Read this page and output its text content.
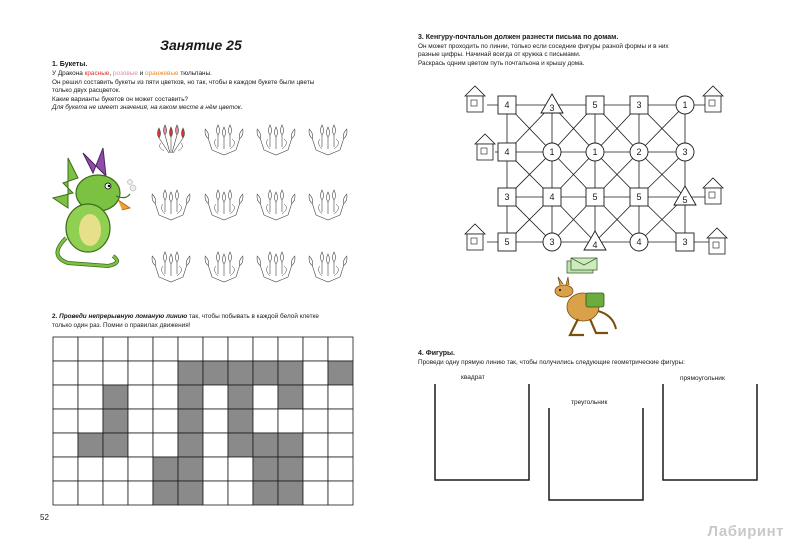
Занятие 25
1. Букеты.
У Дракона красные, розовые и оранжевые тюльпаны.
Он решил составить букеты из пяти цветков, но так, чтобы в каждом букете были цветы
только двух расцветок.
Какие варианты букетов он может составить?
Для букета не имеет значения, на каком месте в нём цветок.
2. Проведи непрерывную ломаную линию так, чтобы побывать в каждой белой клетке
только один раз. Помни о правилах движения!
52
3. Кенгуру-почтальон должен разнести письма по домам.
Он может проходить по линии, только если соседние фигуры разной формы и в них
разные цифры. Начинай всегда от кружка с письмами.
Раскрась одним цветом путь почтальона и крышу дома.
4	3	5	3	1
4	1	1	2	3
3	4	5	5	5
5	3	4	4	3
4. Фигуры.
Проведи одну прямую линию так, чтобы получились следующие геометрические фигуры:
квадрат
треугольник
прямоугольник
Лабиринт
